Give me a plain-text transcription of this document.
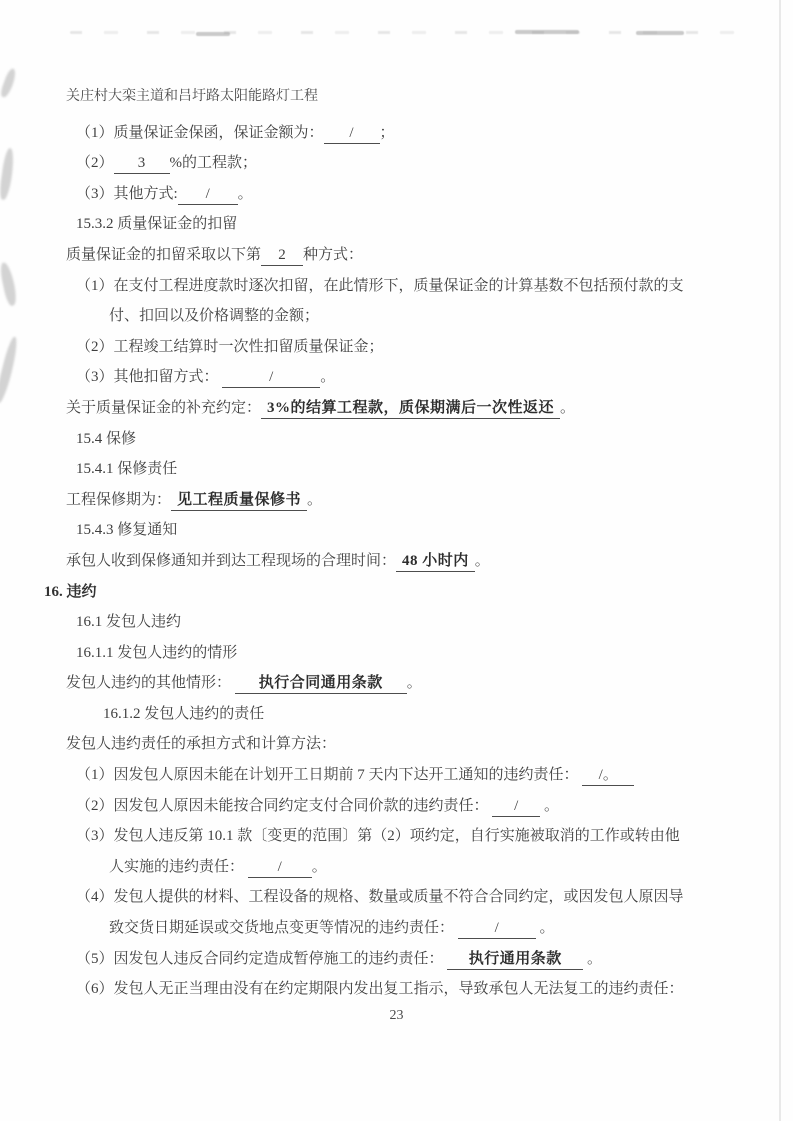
关庄村大栾主道和吕圩路太阳能路灯工程

（1）质量保证金保函，保证金额为： / ；

（2） 3 %的工程款；

（3）其他方式: / 。

15.3.2 质量保证金的扣留

质量保证金的扣留采取以下第 2 种方式：

（1）在支付工程进度款时逐次扣留，在此情形下，质量保证金的计算基数不包括预付款的支

付、扣回以及价格调整的金额；

（2）工程竣工结算时一次性扣留质量保证金；

（3）其他扣留方式：	/	。

关于质量保证金的补充约定： 3%的结算工程款，质保期满后一次性返还 。

15.4 保修

15.4.1 保修责任

工程保修期为： 见工程质量保修书 。

15.4.3 修复通知

承包人收到保修通知并到达工程现场的合理时间： 48 小时内 。

16. 违约

16.1 发包人违约

16.1.1 发包人违约的情形

发包人违约的其他情形： 执行合同通用条款 。

16.1.2 发包人违约的责任

发包人违约责任的承担方式和计算方法：

（1）因发包人原因未能在计划开工日期前 7 天内下达开工通知的违约责任： /。

（2）因发包人原因未能按合同约定支付合同价款的违约责任： / 。

（3）发包人违反第 10.1 款〔变更的范围〕第（2）项约定，自行实施被取消的工作或转由他

人实施的违约责任： / 。

（4）发包人提供的材料、工程设备的规格、数量或质量不符合合同约定，或因发包人原因导

致交货日期延误或交货地点变更等情况的违约责任： / 。

（5）因发包人违反合同约定造成暂停施工的违约责任： 执行通用条款 。

（6）发包人无正当理由没有在约定期限内发出复工指示，导致承包人无法复工的违约责任：

23
